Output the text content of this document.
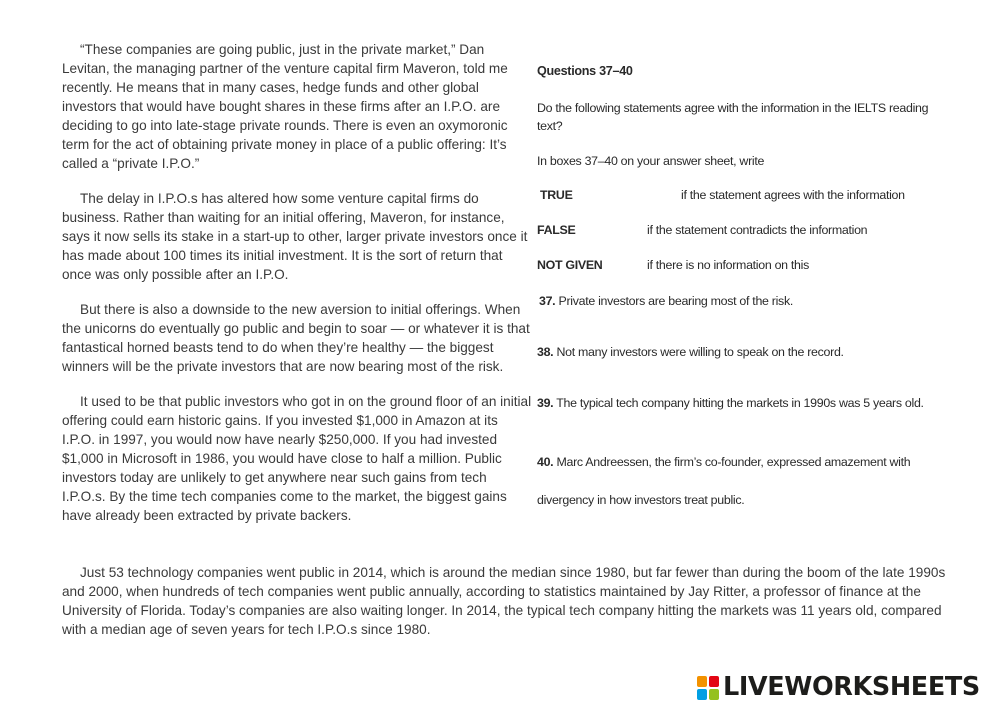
“These companies are going public, just in the private market,” Dan Levitan, the managing partner of the venture capital firm Maveron, told me recently. He means that in many cases, hedge funds and other global investors that would have bought shares in these firms after an I.P.O. are deciding to go into late-stage private rounds. There is even an oxymoronic term for the act of obtaining private money in place of a public offering: It’s called a “private I.P.O.”

The delay in I.P.O.s has altered how some venture capital firms do business. Rather than waiting for an initial offering, Maveron, for instance, says it now sells its stake in a start-up to other, larger private investors once it has made about 100 times its initial investment. It is the sort of return that once was only possible after an I.P.O.

But there is also a downside to the new aversion to initial offerings. When the unicorns do eventually go public and begin to soar — or whatever it is that fantastical horned beasts tend to do when they’re healthy — the biggest winners will be the private investors that are now bearing most of the risk.

It used to be that public investors who got in on the ground floor of an initial offering could earn historic gains. If you invested $1,000 in Amazon at its I.P.O. in 1997, you would now have nearly $250,000. If you had invested $1,000 in Microsoft in 1986, you would have close to half a million. Public investors today are unlikely to get anywhere near such gains from tech I.P.O.s. By the time tech companies come to the market, the biggest gains have already been extracted by private backers.

Questions 37–40
Do the following statements agree with the information in the IELTS reading text?
In boxes 37–40 on your answer sheet, write
TRUE	if the statement agrees with the information
FALSE	if the statement contradicts the information
NOT GIVEN	if there is no information on this
37. Private investors are bearing most of the risk.
38. Not many investors were willing to speak on the record.
39. The typical tech company hitting the markets in 1990s was 5 years old.
40. Marc Andreessen, the firm’s co-founder, expressed amazement with divergency in how investors treat public.

Just 53 technology companies went public in 2014, which is around the median since 1980, but far fewer than during the boom of the late 1990s and 2000, when hundreds of tech companies went public annually, according to statistics maintained by Jay Ritter, a professor of finance at the University of Florida. Today’s companies are also waiting longer. In 2014, the typical tech company hitting the markets was 11 years old, compared with a median age of seven years for tech I.P.O.s since 1980.

LIVEWORKSHEETS
